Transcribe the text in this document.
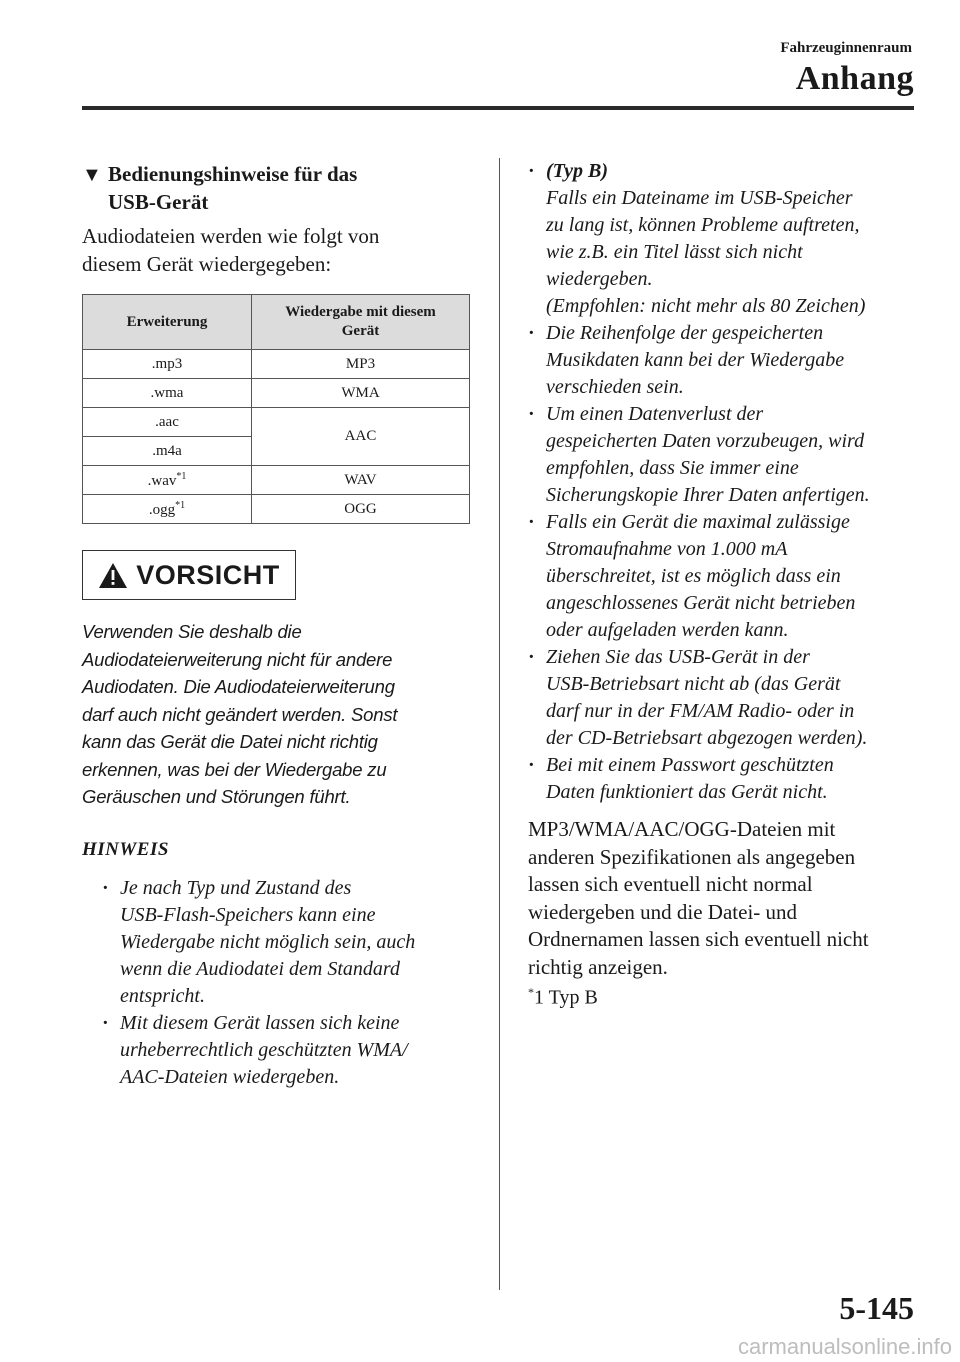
Fahrzeuginnenraum
Anhang
▼ Bedienungshinweise für das
USB-Gerät
Audiodateien werden wie folgt von
diesem Gerät wiedergegeben:
Erweiterung	Wiedergabe mit diesem
Gerät

.mp3	MP3
.wma	WMA
.aac	AAC
.m4a	
.wav$^{*1}$	WAV
.ogg$^{*1}$	OGG
VORSICHT
Verwenden Sie deshalb die
Audiodateierweiterung nicht für andere
Audiodaten. Die Audiodateierweiterung
darf auch nicht geändert werden. Sonst
kann das Gerät die Datei nicht richtig
erkennen, was bei der Wiedergabe zu
Geräuschen und Störungen führt.
HINWEIS
· Je nach Typ und Zustand des
USB-Flash-Speichers kann eine
Wiedergabe nicht möglich sein, auch
wenn die Audiodatei dem Standard
entspricht.
· Mit diesem Gerät lassen sich keine
urheberrechtlich geschützten WMA/
AAC-Dateien wiedergeben.
· (Typ B)
Falls ein Dateiname im USB-Speicher
zu lang ist, können Probleme auftreten,
wie z.B. ein Titel lässt sich nicht
wiedergeben.
(Empfohlen: nicht mehr als 80 Zeichen)
· Die Reihenfolge der gespeicherten
Musikdaten kann bei der Wiedergabe
verschieden sein.
· Um einen Datenverlust der
gespeicherten Daten vorzubeugen, wird
empfohlen, dass Sie immer eine
Sicherungskopie Ihrer Daten anfertigen.
· Falls ein Gerät die maximal zulässige
Stromaufnahme von 1.000 mA
überschreitet, ist es möglich dass ein
angeschlossenes Gerät nicht betrieben
oder aufgeladen werden kann.
· Ziehen Sie das USB-Gerät in der
USB-Betriebsart nicht ab (das Gerät
darf nur in der FM/AM Radio- oder in
der CD-Betriebsart abgezogen werden).
· Bei mit einem Passwort geschützten
Daten funktioniert das Gerät nicht.
MP3/WMA/AAC/OGG-Dateien mit
anderen Spezifikationen als angegeben
lassen sich eventuell nicht normal
wiedergeben und die Datei- und
Ordnernamen lassen sich eventuell nicht
richtig anzeigen.
*1 Typ B
5-145
carmanualsonline.info
